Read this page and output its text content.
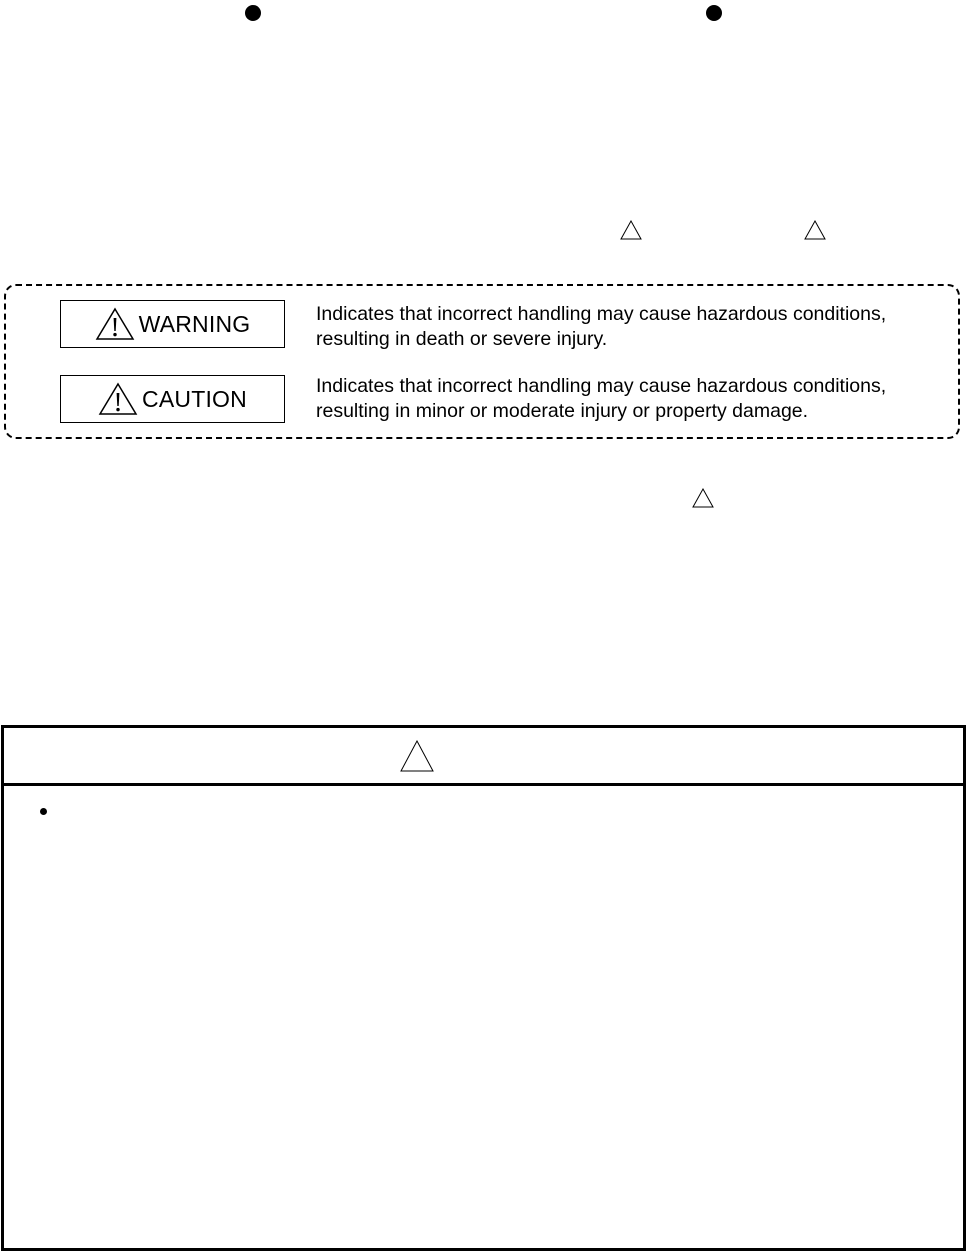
WARNING	Indicates that incorrect handling may cause hazardous conditions,
resulting in death or severe injury.
CAUTION	Indicates that incorrect handling may cause hazardous conditions,
resulting in minor or moderate injury or property damage.
